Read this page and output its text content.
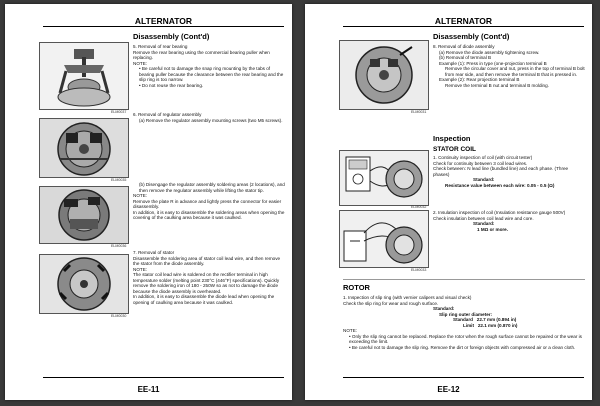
ALTERNATOR
ELM0037
ELM0035
ELM0036
ELM0030

Disassembly (Cont'd)

5. Removal of rear bearing

Remove the rear bearing using the commercial bearing puller when replacing.

NOTE:

• Be careful not to damage the snap ring mounting by the tabs of bearing puller because the clearance between the rear bearing and the slip ring is too narrow.

• Do not reuse the rear bearing.

6. Removal of regulator assembly

(a) Remove the regulator assembly mounting screws (two M5 screws).

(b) Disengage the regulator assembly soldering areas (2 locations), and then remove the regulator assembly while lifting the stator tip.

NOTE:

Remove the plate R in advance and lightly press the connector for easier disassembly.

In addition, it is easy to disassemble the soldering areas when opening the covering of the caulking area because it was caulked.

7. Removal of stator

Disassemble the soldering area of stator coil lead wire, and then remove the stator from the diode assembly.

NOTE:

The stator coil lead wire is soldered on the rectifier terminal in high temperature solder (melting point 230°C (446°F) specifications). Quickly remove the soldering iron of 180 - 250W so as not to damage the diode because the diode assembly is overheated.

In addition, it is easy to disassemble the diode lead when opening the opening of caulking area because it was caulked.

EE-11
ALTERNATOR
ELM0031
ELM0032
ELM0033

Disassembly (Cont'd)

8. Removal of diode assembly

(a) Remove the diode assembly tightening screw.

(b) Removal of terminal B

Example (1): Press in type (one-projection terminal B

Remove the circular cover and nut, press in the top of terminal B bolt from rear side, and then remove the terminal B that is pressed in.

Example (2): Rear projection terminal B

Remove the terminal B nut and terminal B molding.

Inspection

STATOR COIL

1. Continuity inspection of coil (with circuit tester)

Check for continuity between 3 coil lead wires.

Check between: N lead line (bundled line) and each phase. (Three phases)

Standard:

Resistance value between each wire: 0.05 - 0.5 (Ω)

2. Insulation inspection of coil (Insulation resistance gauge 500V)

Check insulation between coil lead wire and core.

Standard:

1 MΩ or more.

ROTOR

1. Inspection of slip ring (with vernier calipers and visual check)

Check the slip ring for wear and rough surface.

Standard:

Slip ring outer diameter:

Standard 22.7 mm (0.894 in)

Limit 22.1 mm (0.870 in)

NOTE:

• Only the slip ring cannot be replaced. Replace the rotor when the rough surface cannot be repaired or the wear is exceeding the limit.

• Be careful not to damage the slip ring. Remove the dirt or foreign objects with compressed air or a clean cloth.

EE-12
